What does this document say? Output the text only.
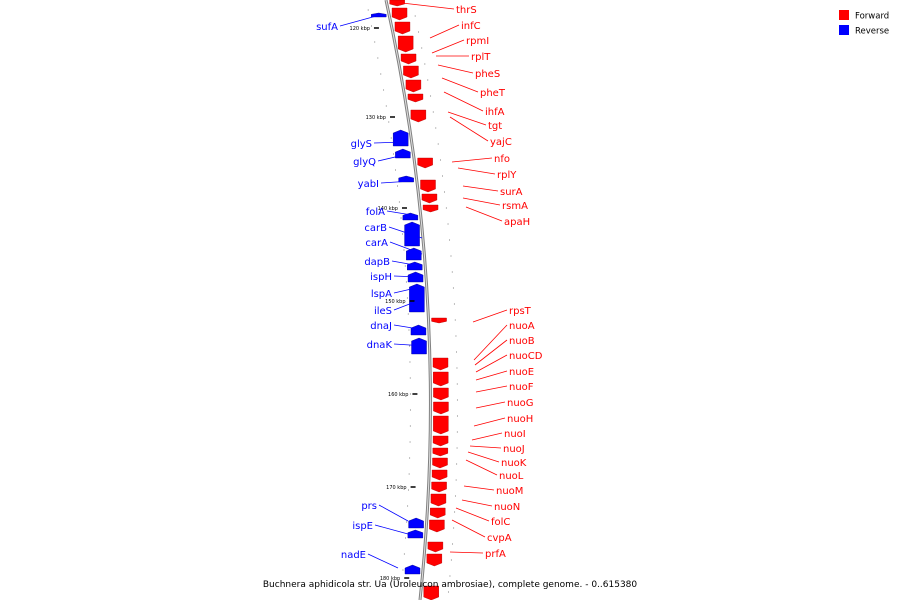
120 kbp
130 kbp
140 kbp
150 kbp
160 kbp
170 kbp
180 kbp
thrS
infC
rpmI
rplT
pheS
pheT
ihfA
tgt
yajC
nfo
rplY
surA
rsmA
apaH
rpsT
nuoA
nuoB
nuoCD
nuoE
nuoF
nuoG
nuoH
nuoI
nuoJ
nuoK
nuoL
nuoM
nuoN
folC
cvpA
prfA
sufA
glyS
glyQ
yabI
folA
carB
carA
dapB
ispH
lspA
ileS
dnaJ
dnaK
prs
ispE
nadE
Forward
Reverse
Buchnera aphidicola str. Ua (Uroleucon ambrosiae), complete genome. - 0..615380
